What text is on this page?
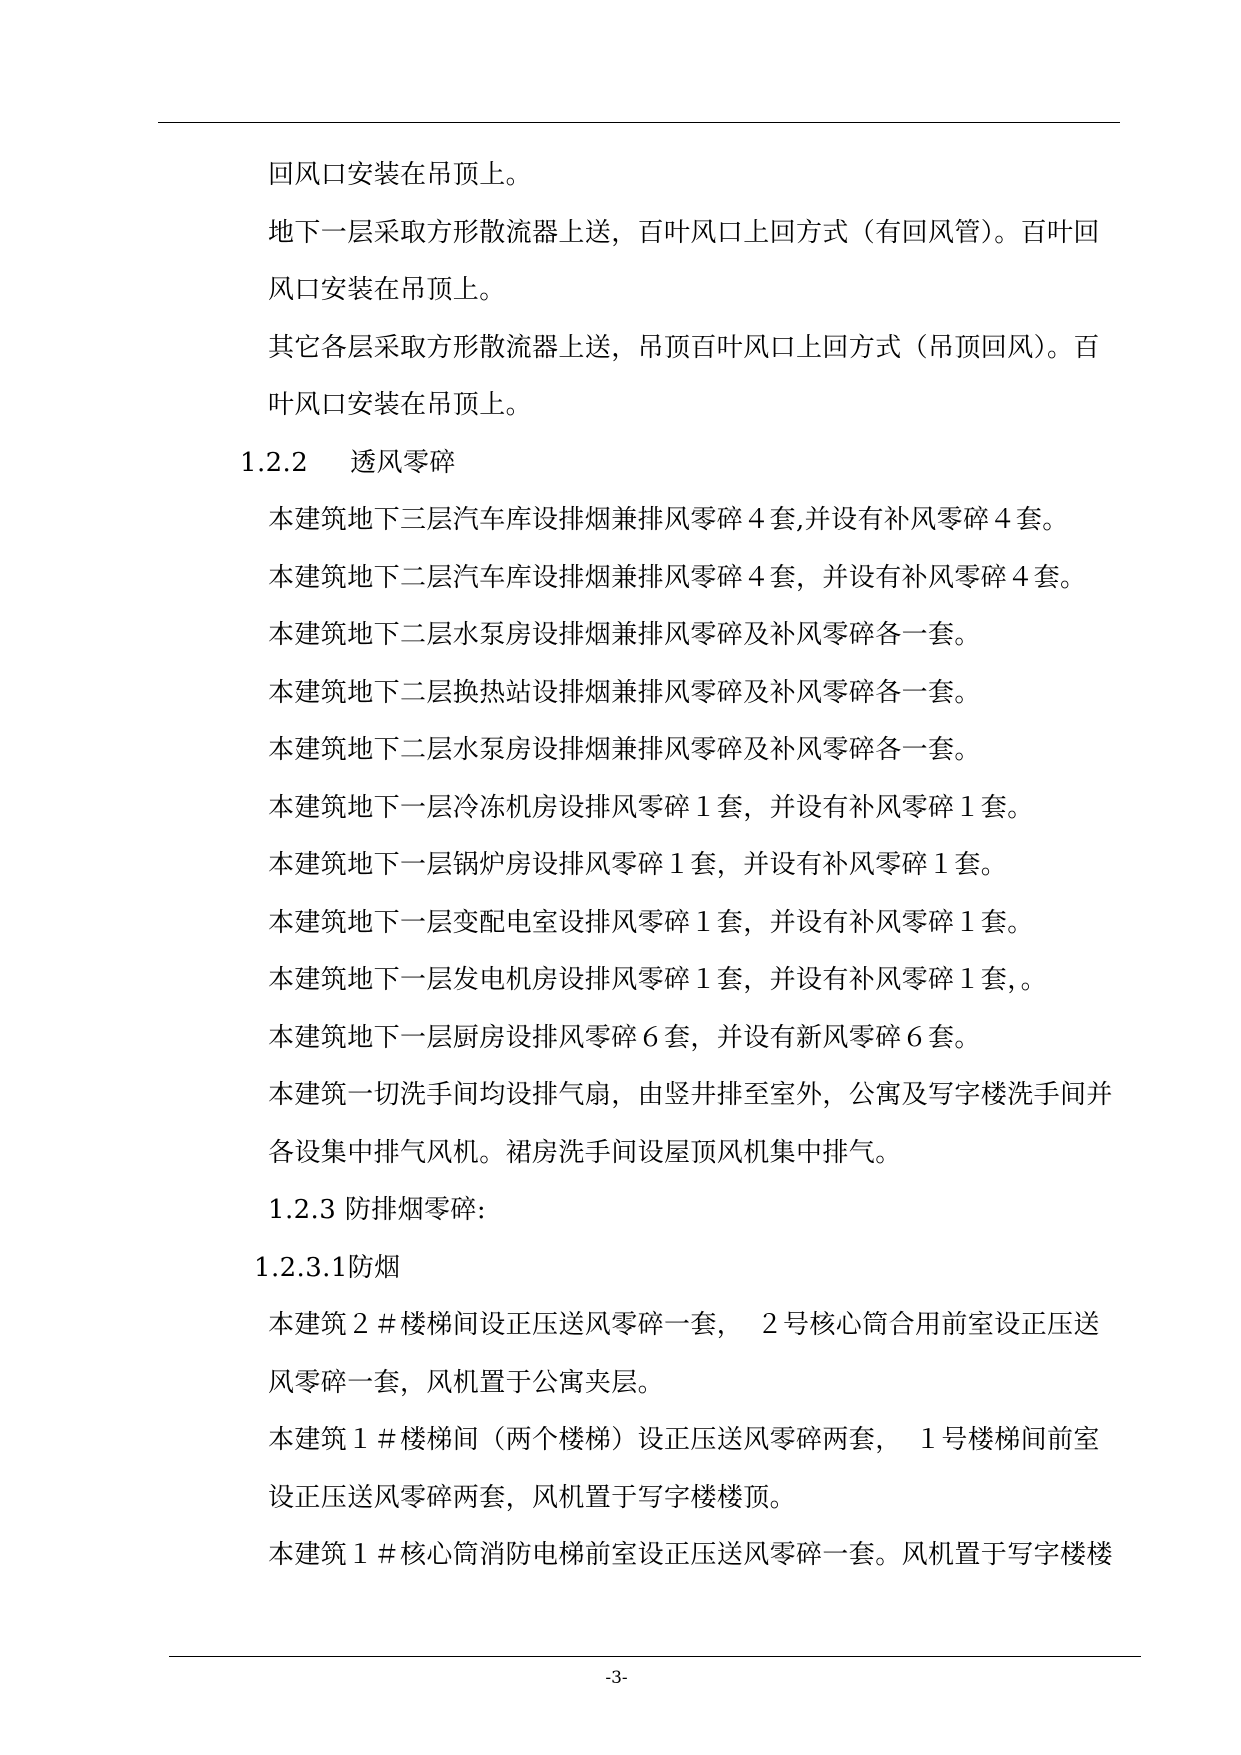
回风口安装在吊顶上。
地下一层采取方形散流器上送，百叶风口上回方式（有回风管）。百叶回
风口安装在吊顶上。
其它各层采取方形散流器上送，吊顶百叶风口上回方式（吊顶回风）。百
叶风口安装在吊顶上。
1.2.2 透风零碎
本建筑地下三层汽车库设排烟兼排风零碎４套,并设有补风零碎４套。
本建筑地下二层汽车库设排烟兼排风零碎４套，并设有补风零碎４套。
本建筑地下二层水泵房设排烟兼排风零碎及补风零碎各一套。
本建筑地下二层换热站设排烟兼排风零碎及补风零碎各一套。
本建筑地下二层水泵房设排烟兼排风零碎及补风零碎各一套。
本建筑地下一层冷冻机房设排风零碎１套，并设有补风零碎１套。
本建筑地下一层锅炉房设排风零碎１套，并设有补风零碎１套。
本建筑地下一层变配电室设排风零碎１套，并设有补风零碎１套。
本建筑地下一层发电机房设排风零碎１套，并设有补风零碎１套，。
本建筑地下一层厨房设排风零碎６套，并设有新风零碎６套。
本建筑一切洗手间均设排气扇，由竖井排至室外，公寓及写字楼洗手间并
各设集中排气风机。裙房洗手间设屋顶风机集中排气。
1.2.3 防排烟零碎:
1.2.3.1防烟
本建筑２＃楼梯间设正压送风零碎一套，　２号核心筒合用前室设正压送
风零碎一套，风机置于公寓夹层。
本建筑１＃楼梯间（两个楼梯）设正压送风零碎两套，　１号楼梯间前室
设正压送风零碎两套，风机置于写字楼楼顶。
本建筑１＃核心筒消防电梯前室设正压送风零碎一套。风机置于写字楼楼
-3-
